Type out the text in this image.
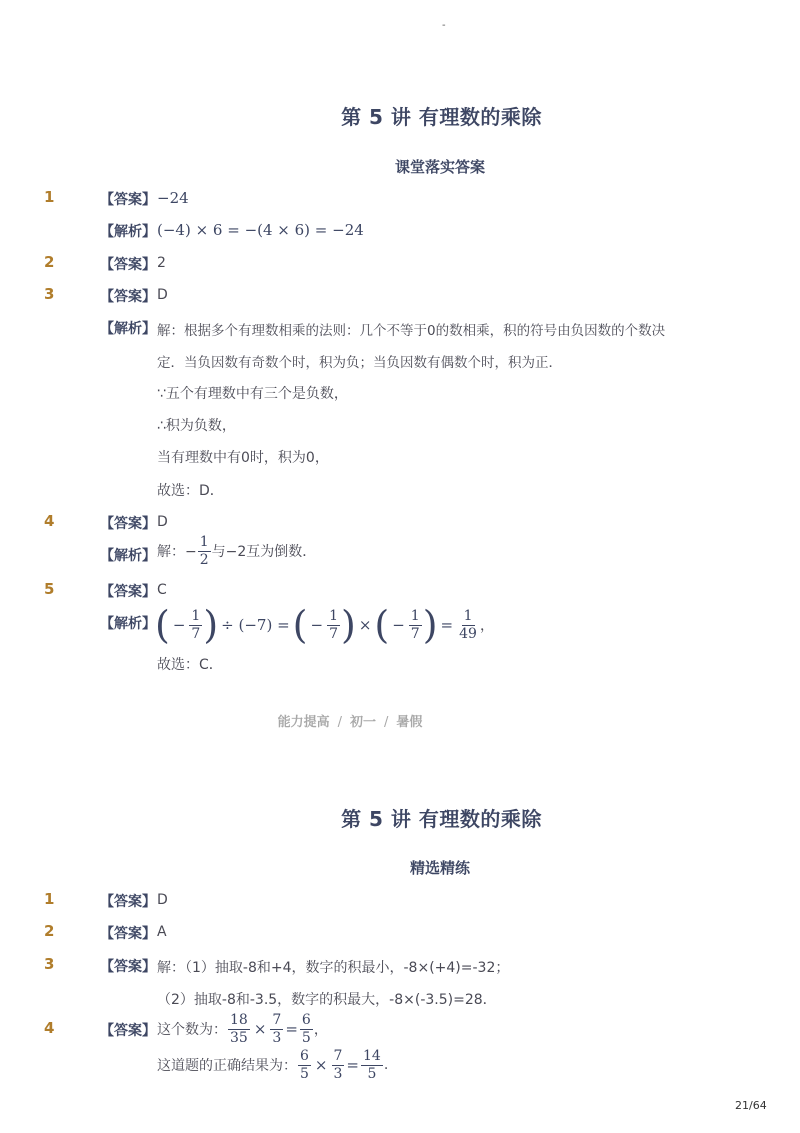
-
第 5 讲 有理数的乘除
课堂落实答案
1	【答案】 −24
【解析】 (−4) × 6 = −(4 × 6) = −24
2	【答案】 2
3	【答案】 D
【解析】 解：根据多个有理数相乘的法则：几个不等于0的数相乘，积的符号由负因数的个数决
定．当负因数有奇数个时，积为负；当负因数有偶数个时，积为正．
∵五个有理数中有三个是负数，
∴积为负数，
当有理数中有0时，积为0，
故选：D．
4	【答案】 D
【解析】 解：− $\frac{1}{2}$ 与−2互为倒数．
5	【答案】 C
【解析】 ( − $\frac{1}{7}$ ) ÷ (−7) = ( − $\frac{1}{7}$ ) × ( − $\frac{1}{7}$ ) = $\frac{1}{49}$ ，
故选：C．
能力提高 / 初一 / 暑假
第 5 讲 有理数的乘除
精选精练
1	【答案】 D
2	【答案】 A
3	【答案】 解：（1）抽取-8和+4，数字的积最小，-8×(+4)=-32；
（2）抽取-8和-3.5，数字的积最大，-8×(-3.5)=28．
4	【答案】 这个数为： $\frac{18}{35} \times \frac{7}{3} = \frac{6}{5}$ ，
这道题的正确结果为： $\frac{6}{5} \times \frac{7}{3} = \frac{14}{5}$ .
21/64
